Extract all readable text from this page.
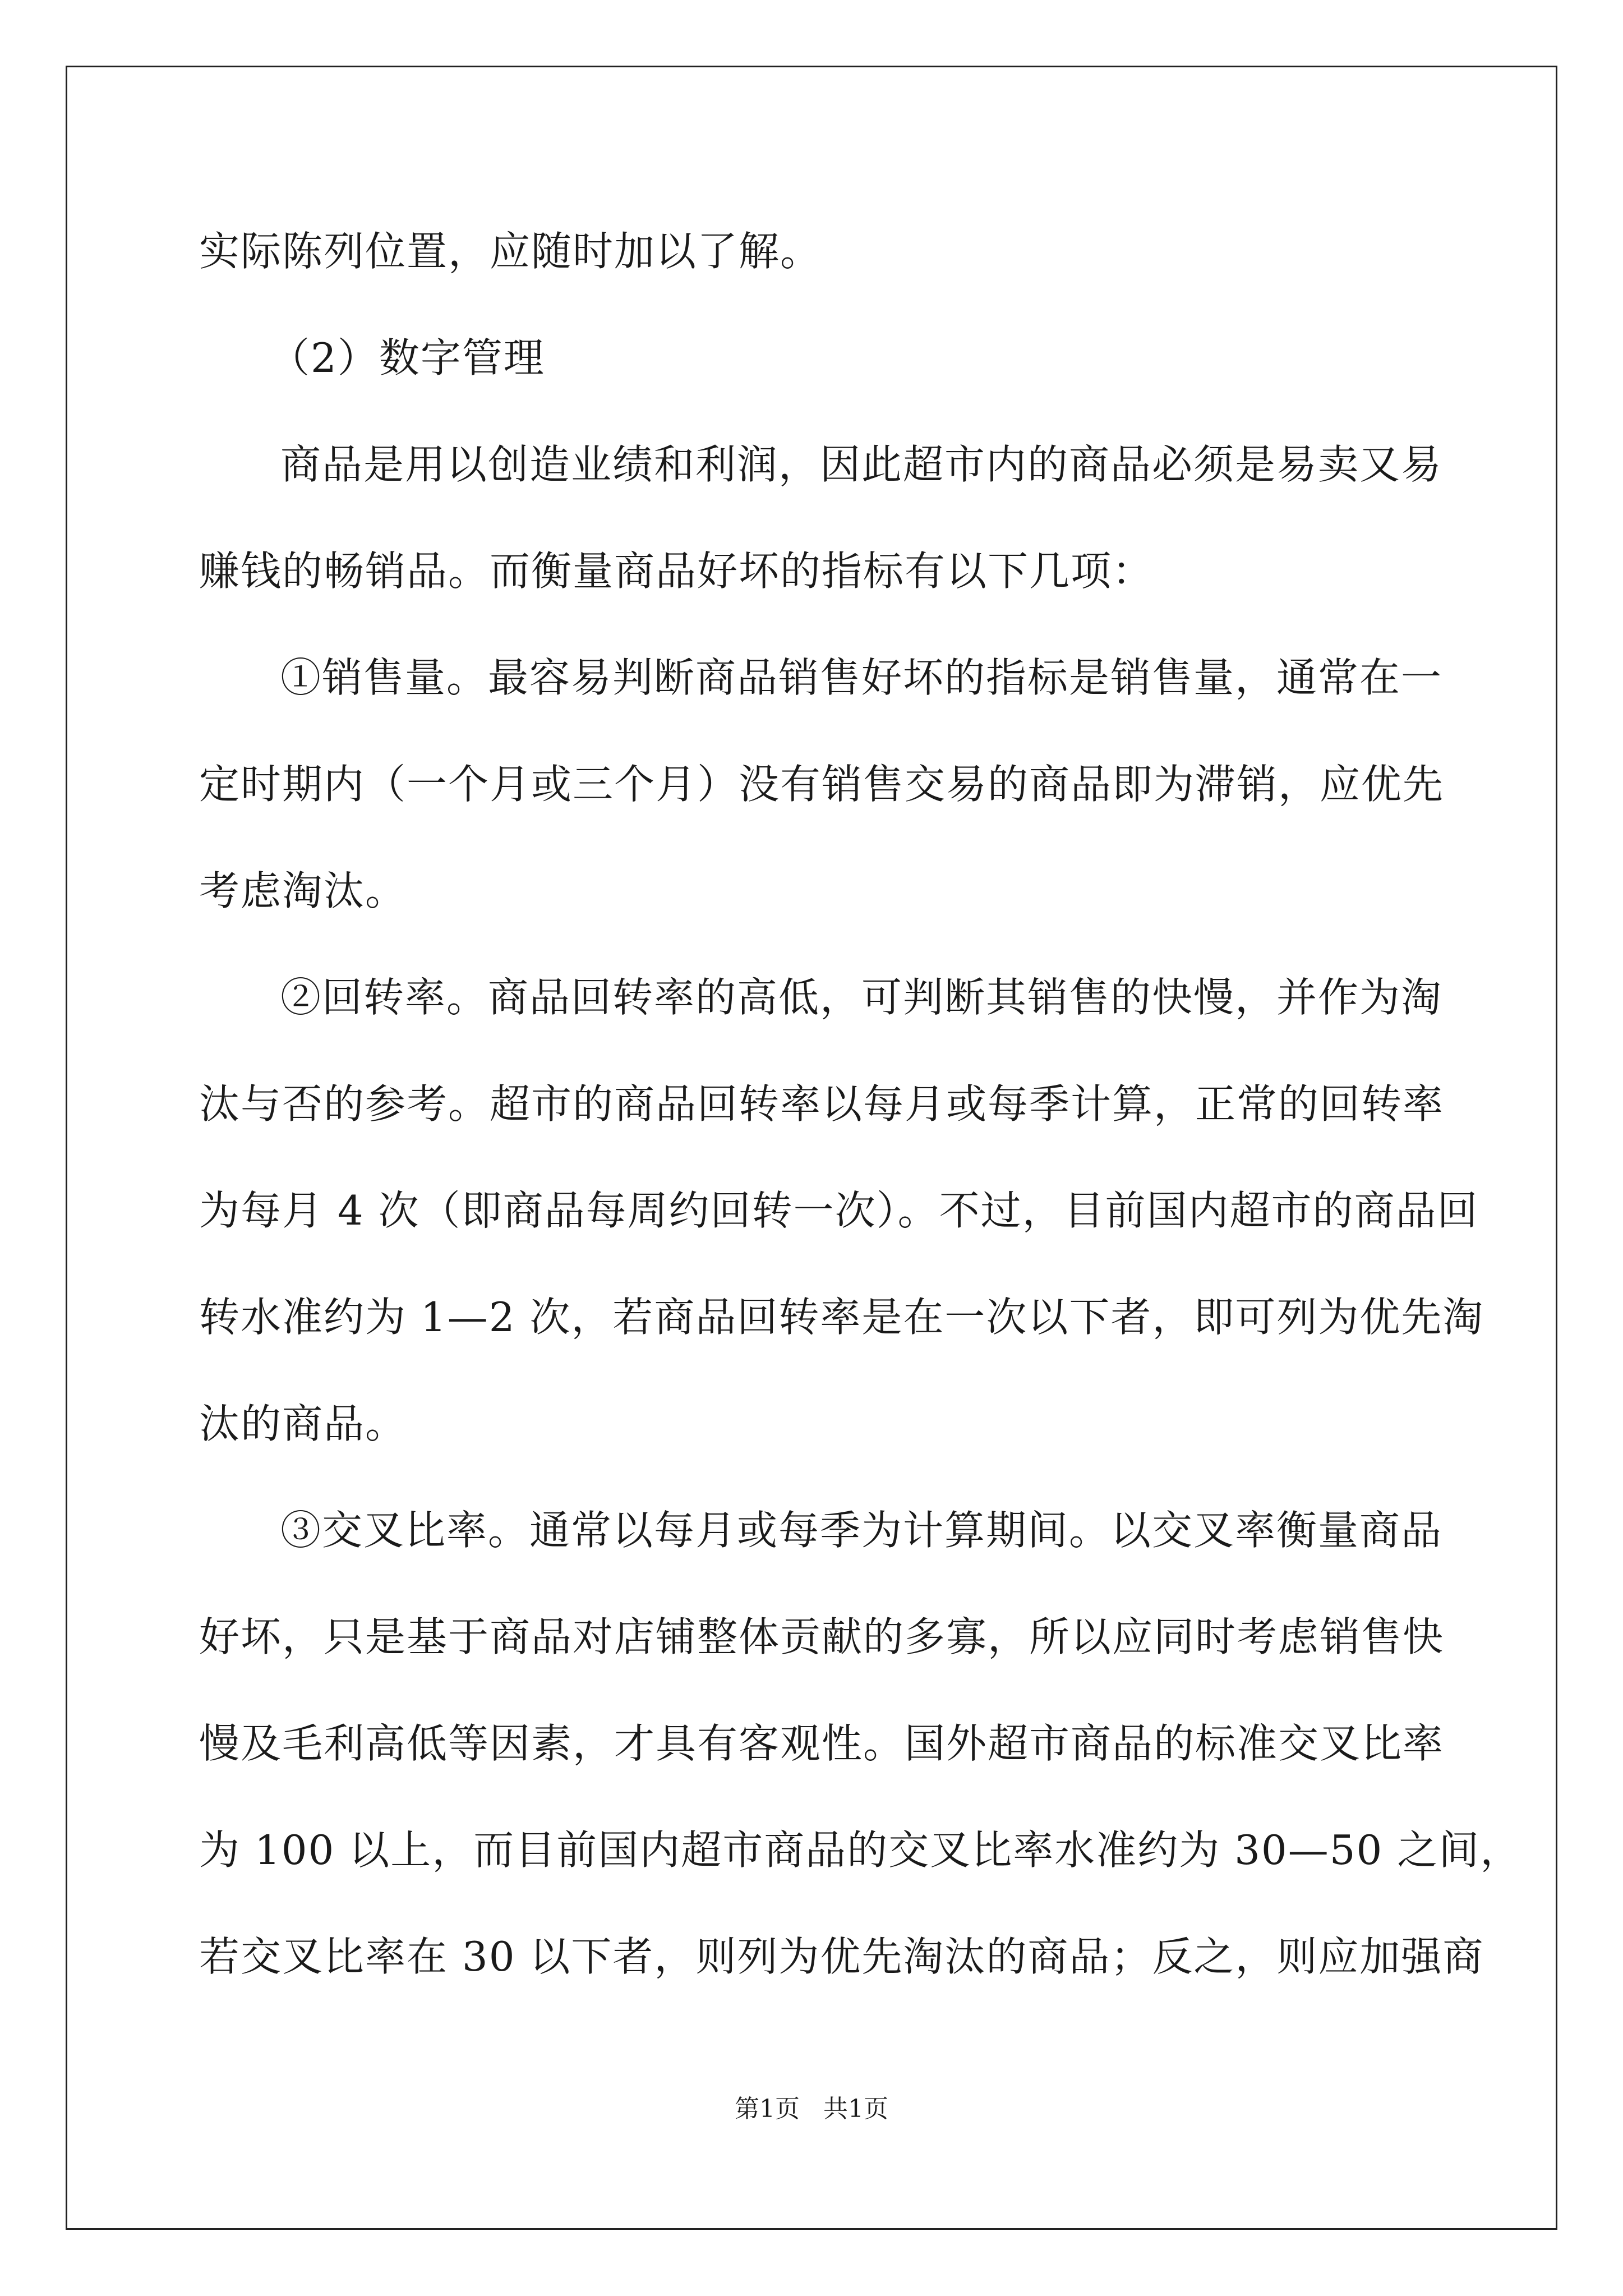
实际陈列位置，应随时加以了解。
（2）数字管理
商品是用以创造业绩和利润，因此超市内的商品必须是易卖又易
赚钱的畅销品。而衡量商品好坏的指标有以下几项：
①销售量。最容易判断商品销售好坏的指标是销售量，通常在一
定时期内（一个月或三个月）没有销售交易的商品即为滞销，应优先
考虑淘汰。
②回转率。商品回转率的高低，可判断其销售的快慢，并作为淘
汰与否的参考。超市的商品回转率以每月或每季计算，正常的回转率
为每月 4 次（即商品每周约回转一次）。不过，目前国内超市的商品回
转水准约为 1—2 次，若商品回转率是在一次以下者，即可列为优先淘
汰的商品。
③交叉比率。通常以每月或每季为计算期间。以交叉率衡量商品
好坏，只是基于商品对店铺整体贡献的多寡，所以应同时考虑销售快
慢及毛利高低等因素，才具有客观性。国外超市商品的标准交叉比率
为 100 以上，而目前国内超市商品的交叉比率水准约为 30—50 之间，
若交叉比率在 30 以下者，则列为优先淘汰的商品；反之，则应加强商
第1页   共1页
